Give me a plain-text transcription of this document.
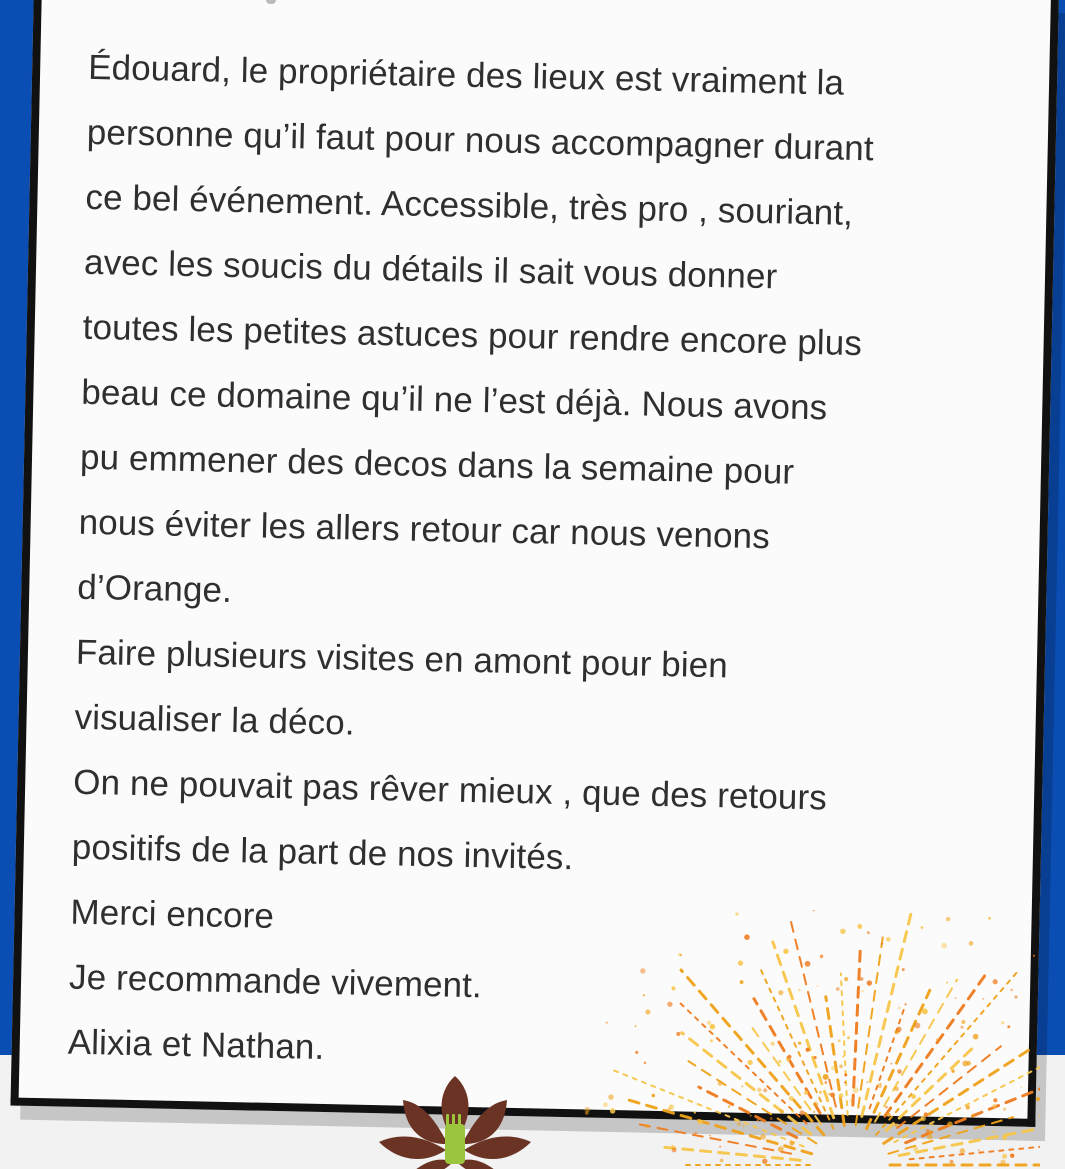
Édouard, le propriétaire des lieux est vraiment la
personne qu’il faut pour nous accompagner durant
ce bel événement. Accessible, très pro , souriant,
avec les soucis du détails il sait vous donner
toutes les petites astuces pour rendre encore plus
beau ce domaine qu’il ne l’est déjà. Nous avons
pu emmener des decos dans la semaine pour
nous éviter les allers retour car nous venons
d’Orange.
Faire plusieurs visites en amont pour bien
visualiser la déco.
On ne pouvait pas rêver mieux , que des retours
positifs de la part de nos invités.
Merci encore
Je recommande vivement.
Alixia et Nathan.
